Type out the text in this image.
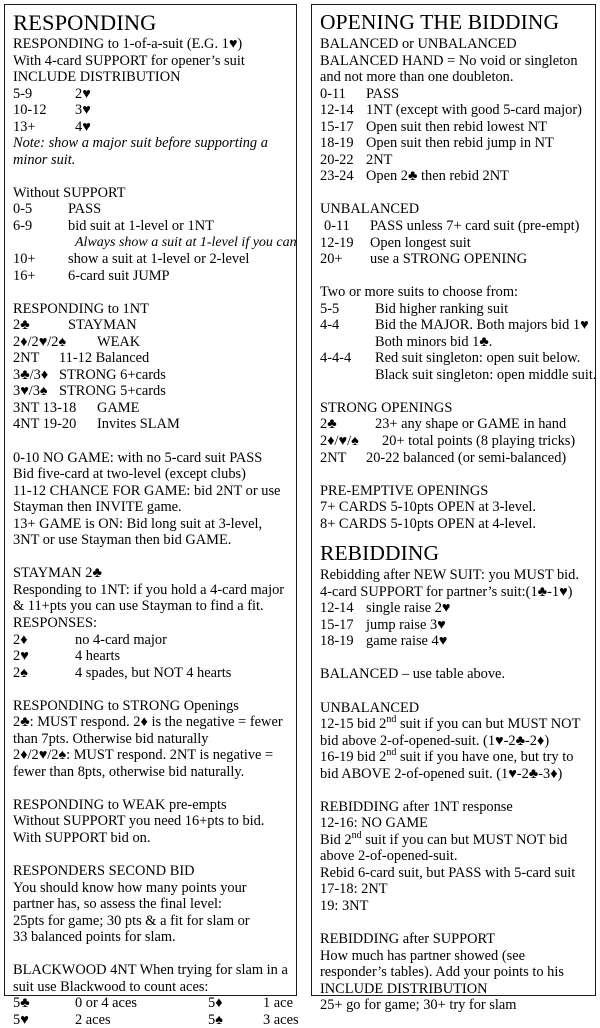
RESPONDING
RESPONDING to 1-of-a-suit (E.G. 1♥)
With 4-card SUPPORT for opener’s suit
INCLUDE DISTRIBUTION
5-9	2♥
10-12 3♥
13+	4♥
Note: show a major suit before supporting a
minor suit.
Without SUPPORT
0-5 PASS
6-9 bid suit at 1-level or 1NT
Always show a suit at 1-level if you can
10+ show a suit at 1-level or 2-level
16+ 6-card suit JUMP
RESPONDING to 1NT
2♣	STAYMAN
2♦/2♥/2♠ WEAK
2NT 11-12 Balanced
3♣/3♦ STRONG 6+cards
3♥/3♠ STRONG 5+cards
3NT 13-18 GAME
4NT 19-20 Invites SLAM
0-10 NO GAME: with no 5-card suit PASS
Bid five-card at two-level (except clubs)
11-12 CHANCE FOR GAME: bid 2NT or use
Stayman then INVITE game.
13+ GAME is ON: Bid long suit at 3-level,
3NT or use Stayman then bid GAME.
STAYMAN 2♣
Responding to 1NT: if you hold a 4-card major
& 11+pts you can use Stayman to find a fit.
RESPONSES:
2♦	no 4-card major
2♥	4 hearts
2♠	4 spades, but NOT 4 hearts
RESPONDING to STRONG Openings
2♣: MUST respond. 2♦ is the negative = fewer
than 7pts. Otherwise bid naturally
2♦/2♥/2♠: MUST respond. 2NT is negative =
fewer than 8pts, otherwise bid naturally.
RESPONDING to WEAK pre-empts
Without SUPPORT you need 16+pts to bid.
With SUPPORT bid on.
RESPONDERS SECOND BID
You should know how many points your
partner has, so assess the final level:
25pts for game; 30 pts & a fit for slam or
33 balanced points for slam.
BLACKWOOD 4NT When trying for slam in a
suit use Blackwood to count aces:
5♣	0 or 4 aces	5♦	1 ace
5♥	2 aces	5♠	3 aces
OPENING THE BIDDING
BALANCED or UNBALANCED
BALANCED HAND = No void or singleton
and not more than one doubleton.
0-11 PASS
12-14 1NT (except with good 5-card major)
15-17 Open suit then rebid lowest NT
18-19 Open suit then rebid jump in NT
20-22 2NT
23-24 Open 2♣ then rebid 2NT
UNBALANCED
0-11 PASS unless 7+ card suit (pre-empt)
12-19 Open longest suit
20+ use a STRONG OPENING
Two or more suits to choose from:
5-5 Bid higher ranking suit
4-4 Bid the MAJOR. Both majors bid 1♥
Both minors bid 1♣.
4-4-4 Red suit singleton: open suit below.
Black suit singleton: open middle suit.
STRONG OPENINGS
2♣	23+ any shape or GAME in hand
2♦/♥/♠ 20+ total points (8 playing tricks)
2NT 20-22 balanced (or semi-balanced)
PRE-EMPTIVE OPENINGS
7+ CARDS 5-10pts OPEN at 3-level.
8+ CARDS 5-10pts OPEN at 4-level.
REBIDDING
Rebidding after NEW SUIT: you MUST bid.
4-card SUPPORT for partner’s suit:(1♣-1♥)
12-14 single raise 2♥
15-17 jump raise 3♥
18-19 game raise 4♥
BALANCED – use table above.
UNBALANCED
12-15 bid 2nd suit if you can but MUST NOT
bid above 2-of-opened-suit. (1♥-2♣-2♦)
16-19 bid 2nd suit if you have one, but try to
bid ABOVE 2-of-opened suit. (1♥-2♣-3♦)
REBIDDING after 1NT response
12-16: NO GAME
Bid 2nd suit if you can but MUST NOT bid
above 2-of-opened-suit.
Rebid 6-card suit, but PASS with 5-card suit
17-18: 2NT
19: 3NT
REBIDDING after SUPPORT
How much has partner showed (see
responder’s tables). Add your points to his
INCLUDE DISTRIBUTION
25+ go for game; 30+ try for slam
